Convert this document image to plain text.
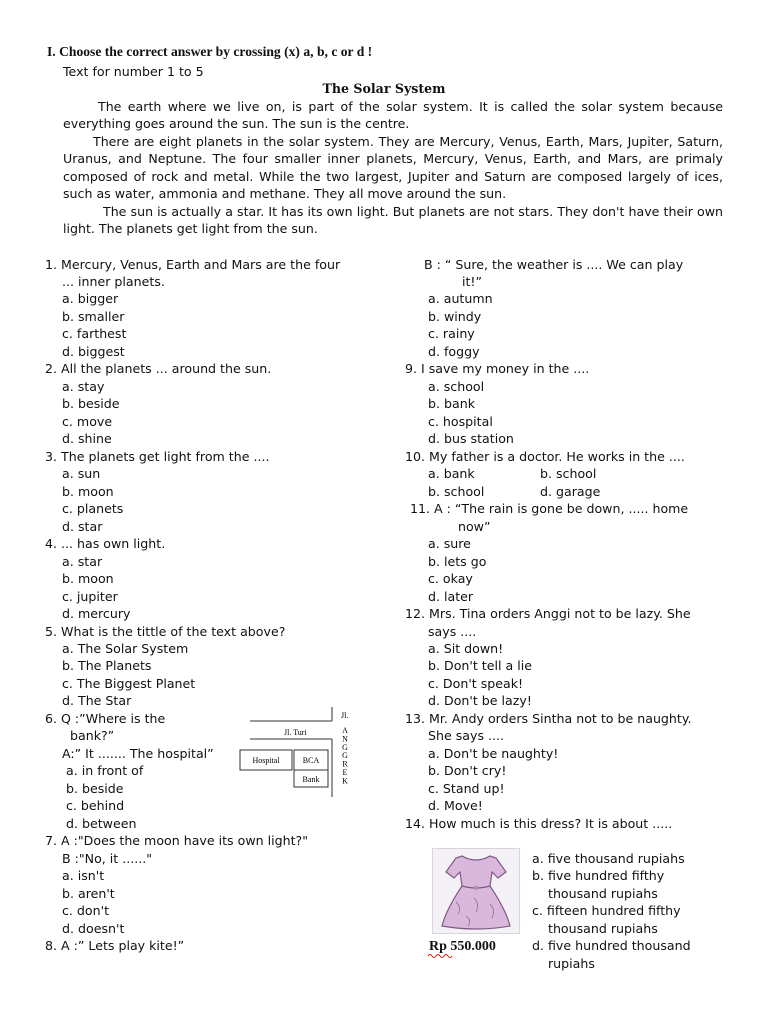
I. Choose the correct answer by crossing (x) a, b, c or d !
Text for number 1 to 5
The Solar System
The earth where we live on, is part of the solar system. It is called the solar system because everything goes around the sun. The sun is the centre.
There are eight planets in the solar system. They are Mercury, Venus, Earth, Mars, Jupiter, Saturn, Uranus, and Neptune. The four smaller inner planets, Mercury, Venus, Earth, and Mars, are primaly composed of rock and metal. While the two largest, Jupiter and Saturn are composed largely of ices, such as water, ammonia and methane. They all move around the sun.
The sun is actually a star. It has its own light. But planets are not stars. They don't have their own light. The planets get light from the sun.
1. Mercury, Venus, Earth and Mars are the four
... inner planets.
a. bigger
b. smaller
c. farthest
d. biggest
2. All the planets ... around the sun.
a. stay
b. beside
c. move
d. shine
3. The planets get light from the ....
a. sun
b. moon
c. planets
d. star
4. ... has own light.
a. star
b. moon
c. jupiter
d. mercury
5. What is the tittle of the text above?
a. The Solar System
b. The Planets
c. The Biggest Planet
d. The Star
6. Q :”Where is the
bank?”
A:” It ....... The hospital”
a. in front of
b. beside
c. behind
d. between
7. A :"Does the moon have its own light?"
B :"No, it ......"
a. isn't
b. aren't
c. don't
d. doesn't
8. A :” Lets play kite!”
Jl.
Jl. Turi	A
N
G
G
R
E
K
Hospital	BCA
Bank
B : “ Sure, the weather is .... We can play
it!”
a. autumn
b. windy
c. rainy
d. foggy
9. I save my money in the ....
a. school
b. bank
c. hospital
d. bus station
10. My father is a doctor. He works in the ....
a. bank	b. school
b. school	d. garage
11. A : “The rain is gone be down, ..... home
now”
a. sure
b. lets go
c. okay
d. later
12. Mrs. Tina orders Anggi not to be lazy. She
says ....
a. Sit down!
b. Don't tell a lie
c. Don't speak!
d. Don't be lazy!
13. Mr. Andy orders Sintha not to be naughty.
She says ....
a. Don't be naughty!
b. Don't cry!
c. Stand up!
d. Move!
14. How much is this dress? It is about .....
a. five thousand rupiahs
b. five hundred fifthy
thousand rupiahs
c. fifteen hundred fifthy
thousand rupiahs
d. five hundred thousand
rupiahs
Rp 550.000
